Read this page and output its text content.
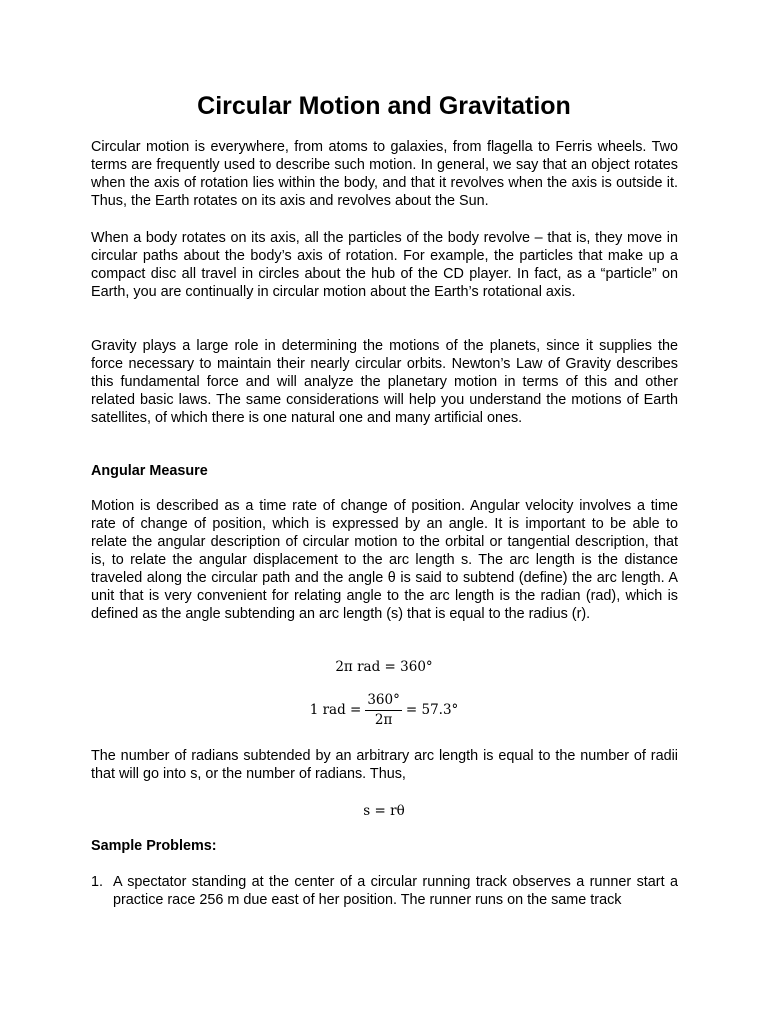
Circular Motion and Gravitation

Circular motion is everywhere, from atoms to galaxies, from flagella to Ferris wheels. Two terms are frequently used to describe such motion. In general, we say that an object rotates when the axis of rotation lies within the body, and that it revolves when the axis is outside it. Thus, the Earth rotates on its axis and revolves about the Sun.

When a body rotates on its axis, all the particles of the body revolve – that is, they move in circular paths about the body’s axis of rotation. For example, the particles that make up a compact disc all travel in circles about the hub of the CD player. In fact, as a “particle” on Earth, you are continually in circular motion about the Earth’s rotational axis.

Gravity plays a large role in determining the motions of the planets, since it supplies the force necessary to maintain their nearly circular orbits. Newton’s Law of Gravity describes this fundamental force and will analyze the planetary motion in terms of this and other related basic laws. The same considerations will help you understand the motions of Earth satellites, of which there is one natural one and many artificial ones.

Angular Measure

Motion is described as a time rate of change of position. Angular velocity involves a time rate of change of position, which is expressed by an angle. It is important to be able to relate the angular description of circular motion to the orbital or tangential description, that is, to relate the angular displacement to the arc length s. The arc length is the distance traveled along the circular path and the angle θ is said to subtend (define) the arc length. A unit that is very convenient for relating angle to the arc length is the radian (rad), which is defined as the angle subtending an arc length (s) that is equal to the radius (r).

2π rad = 360°

1 rad = $\frac{360^\circ}{2\pi} = 57.3^\circ$

The number of radians subtended by an arbitrary arc length is equal to the number of radii that will go into s, or the number of radians. Thus,

s = rθ

Sample Problems:

1. A spectator standing at the center of a circular running track observes a runner start a practice race 256 m due east of her position. The runner runs on the same track
